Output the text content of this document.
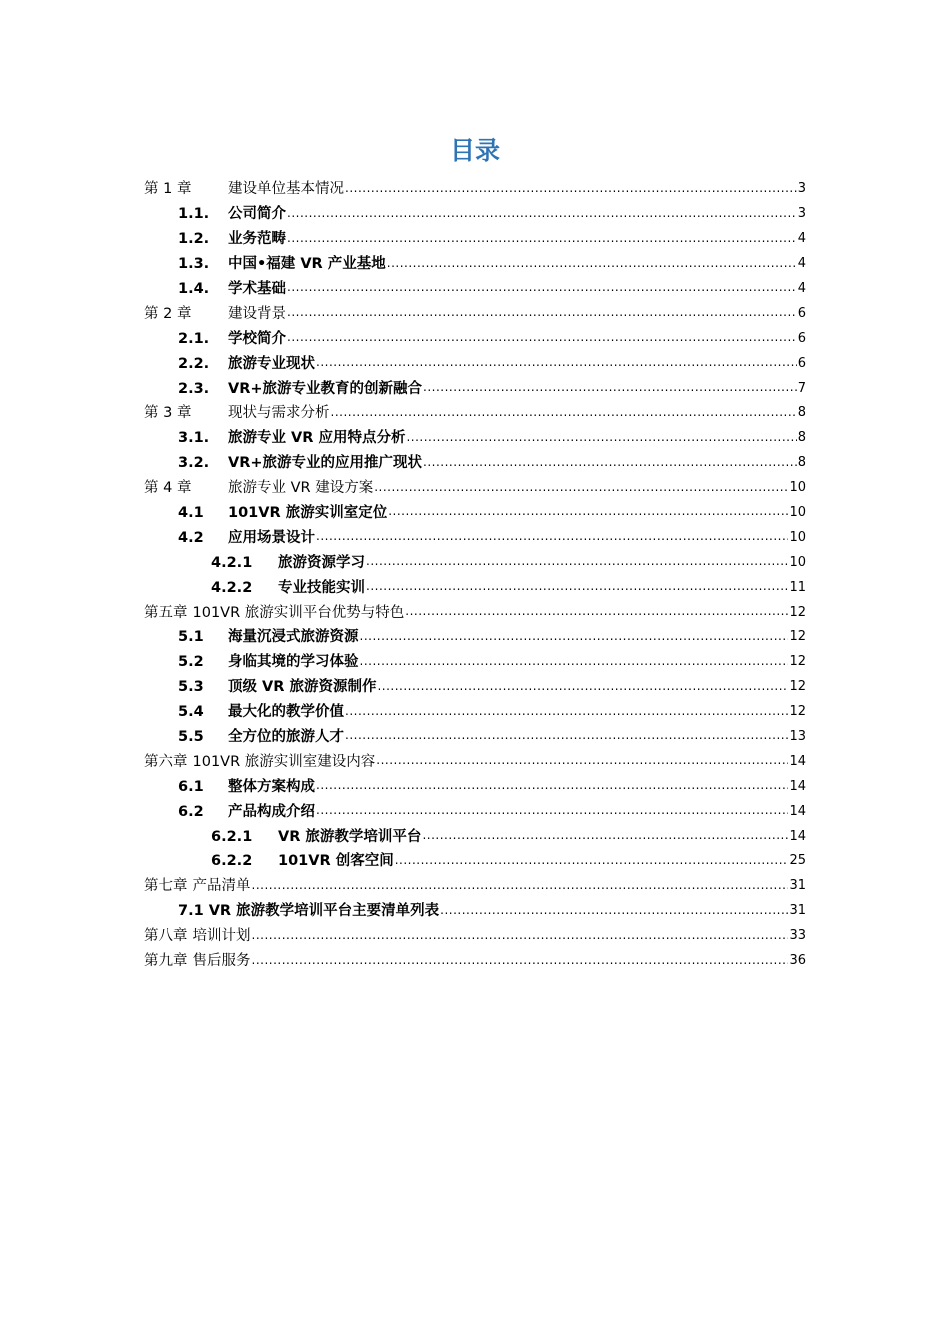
目录
第 1 章	建设单位基本情况 .....	3
1.1.	公司简介 .....	3
1.2.	业务范畴 .....	4
1.3.	中国•福建 VR 产业基地 .....	4
1.4.	学术基础 .....	4
第 2 章	建设背景 .....	6
2.1.	学校简介 .....	6
2.2.	旅游专业现状 .....	6
2.3.	VR+旅游专业教育的创新融合 .....	7
第 3 章	现状与需求分析 .....	8
3.1.	旅游专业 VR 应用特点分析 .....	8
3.2.	VR+旅游专业的应用推广现状 .....	8
第 4 章	旅游专业 VR 建设方案 .....	10
4.1	101VR 旅游实训室定位 .....	10
4.2	应用场景设计 .....	10
4.2.1	旅游资源学习 .....	10
4.2.2	专业技能实训 .....	11
第五章 101VR 旅游实训平台优势与特色 .....	12
5.1	海量沉浸式旅游资源 .....	12
5.2	身临其境的学习体验 .....	12
5.3	顶级 VR 旅游资源制作 .....	12
5.4	最大化的教学价值 .....	12
5.5	全方位的旅游人才 .....	13
第六章 101VR 旅游实训室建设内容 .....	14
6.1	整体方案构成 .....	14
6.2	产品构成介绍 .....	14
6.2.1	VR 旅游教学培训平台 .....	14
6.2.2	101VR 创客空间 .....	25
第七章 产品清单 .....	31
7.1 VR 旅游教学培训平台主要清单列表 .....	31
第八章 培训计划 .....	33
第九章 售后服务 .....	36
